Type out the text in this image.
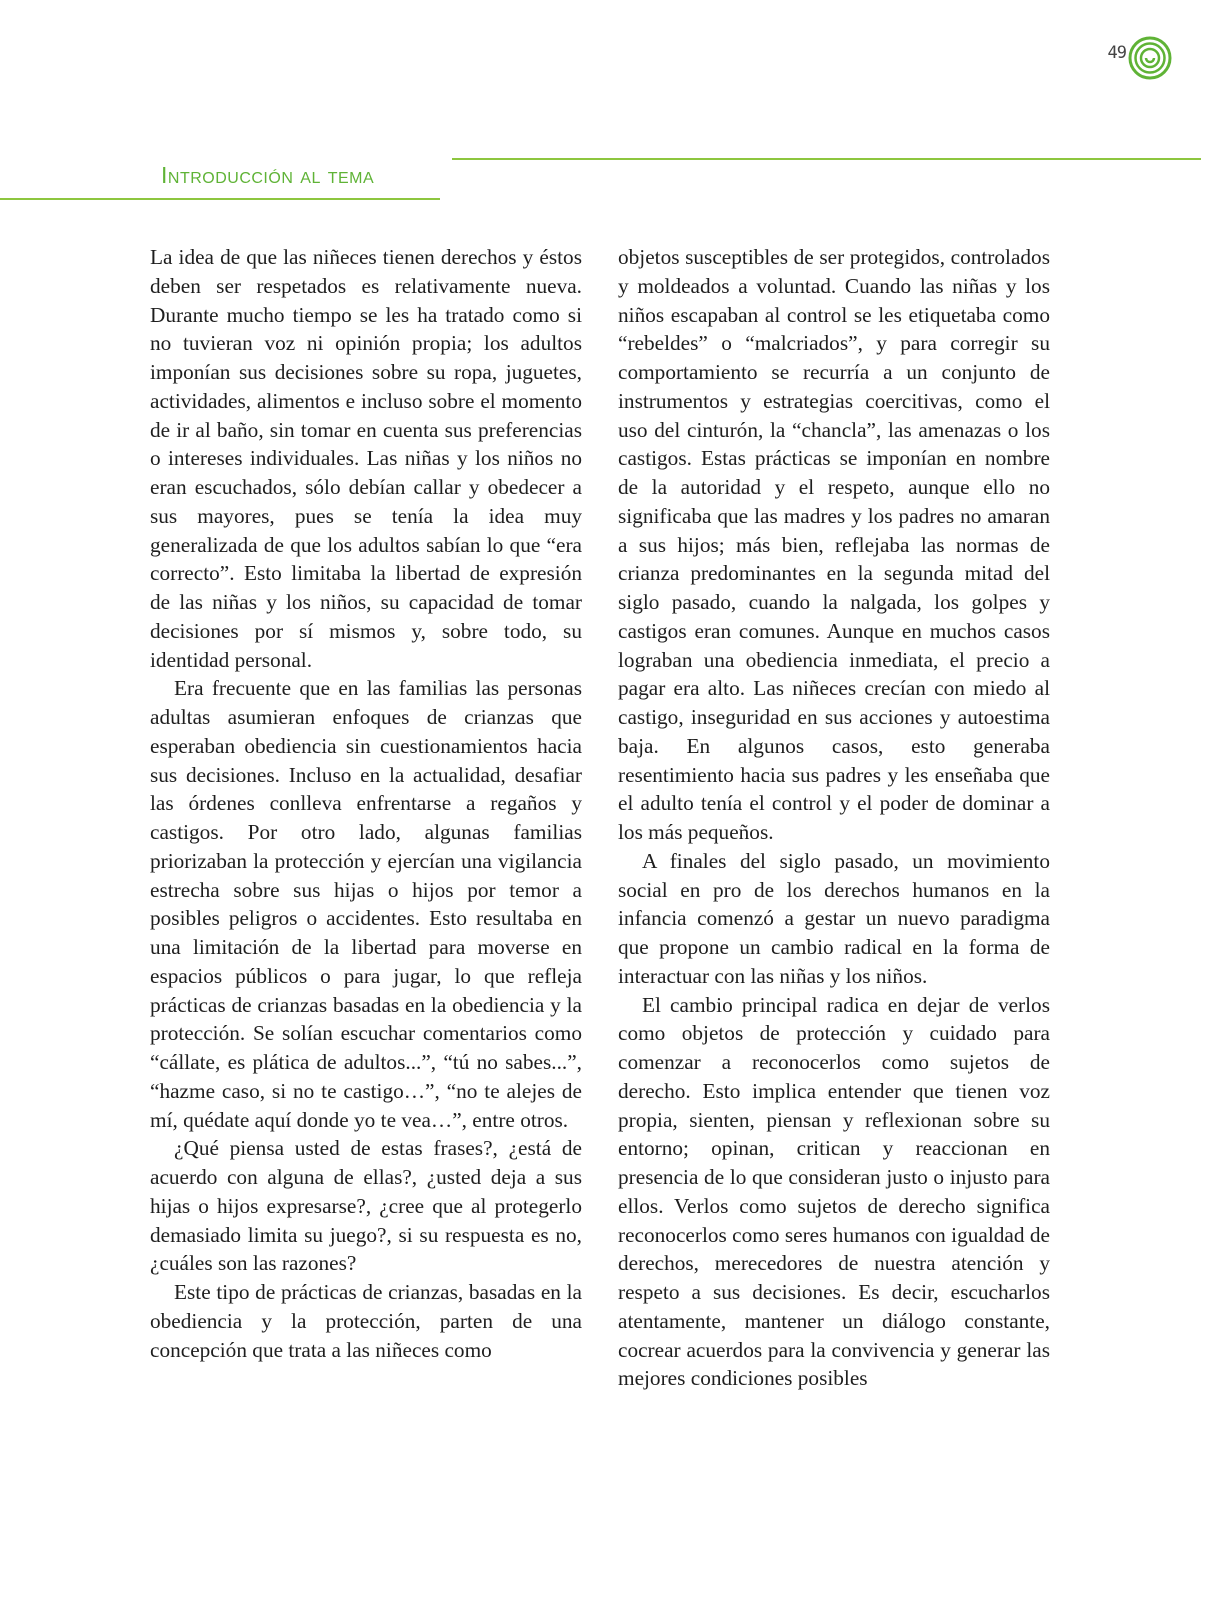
49
Introducción al tema

La idea de que las niñeces tienen derechos y éstos deben ser respetados es relativamente nueva. Durante mucho tiempo se les ha tratado como si no tuvieran voz ni opinión propia; los adultos imponían sus decisiones sobre su ropa, juguetes, actividades, alimentos e incluso sobre el momento de ir al baño, sin tomar en cuenta sus preferencias o intereses individuales. Las niñas y los niños no eran escuchados, sólo debían callar y obedecer a sus mayores, pues se tenía la idea muy generalizada de que los adultos sabían lo que “era correcto”. Esto limitaba la libertad de expresión de las niñas y los niños, su capacidad de tomar decisiones por sí mismos y, sobre todo, su identidad personal.

Era frecuente que en las familias las personas adultas asumieran enfoques de crianzas que esperaban obediencia sin cuestionamientos hacia sus decisiones. Incluso en la actualidad, desafiar las órdenes conlleva enfrentarse a regaños y castigos. Por otro lado, algunas familias priorizaban la protección y ejercían una vigilancia estrecha sobre sus hijas o hijos por temor a posibles peligros o accidentes. Esto resultaba en una limitación de la libertad para moverse en espacios públicos o para jugar, lo que refleja prácticas de crianzas basadas en la obediencia y la protección. Se solían escuchar comentarios como “cállate, es plática de adultos...”, “tú no sabes...”, “hazme caso, si no te castigo…”, “no te alejes de mí, quédate aquí donde yo te vea…”, entre otros.

¿Qué piensa usted de estas frases?, ¿está de acuerdo con alguna de ellas?, ¿usted deja a sus hijas o hijos expresarse?, ¿cree que al protegerlo demasiado limita su juego?, si su respuesta es no, ¿cuáles son las razones?

Este tipo de prácticas de crianzas, basadas en la obediencia y la protección, parten de una concepción que trata a las niñeces como

objetos susceptibles de ser protegidos, controlados y moldeados a voluntad. Cuando las niñas y los niños escapaban al control se les etiquetaba como “rebeldes” o “malcriados”, y para corregir su comportamiento se recurría a un conjunto de instrumentos y estrategias coercitivas, como el uso del cinturón, la “chancla”, las amenazas o los castigos. Estas prácticas se imponían en nombre de la autoridad y el respeto, aunque ello no significaba que las madres y los padres no amaran a sus hijos; más bien, reflejaba las normas de crianza predominantes en la segunda mitad del siglo pasado, cuando la nalgada, los golpes y castigos eran comunes. Aunque en muchos casos lograban una obediencia inmediata, el precio a pagar era alto. Las niñeces crecían con miedo al castigo, inseguridad en sus acciones y autoestima baja. En algunos casos, esto generaba resentimiento hacia sus padres y les enseñaba que el adulto tenía el control y el poder de dominar a los más pequeños.

A finales del siglo pasado, un movimiento social en pro de los derechos humanos en la infancia comenzó a gestar un nuevo paradigma que propone un cambio radical en la forma de interactuar con las niñas y los niños.

El cambio principal radica en dejar de verlos como objetos de protección y cuidado para comenzar a reconocerlos como sujetos de derecho. Esto implica entender que tienen voz propia, sienten, piensan y reflexionan sobre su entorno; opinan, critican y reaccionan en presencia de lo que consideran justo o injusto para ellos. Verlos como sujetos de derecho significa reconocerlos como seres humanos con igualdad de derechos, merecedores de nuestra atención y respeto a sus decisiones. Es decir, escucharlos atentamente, mantener un diálogo constante, cocrear acuerdos para la convivencia y generar las mejores condiciones posibles
